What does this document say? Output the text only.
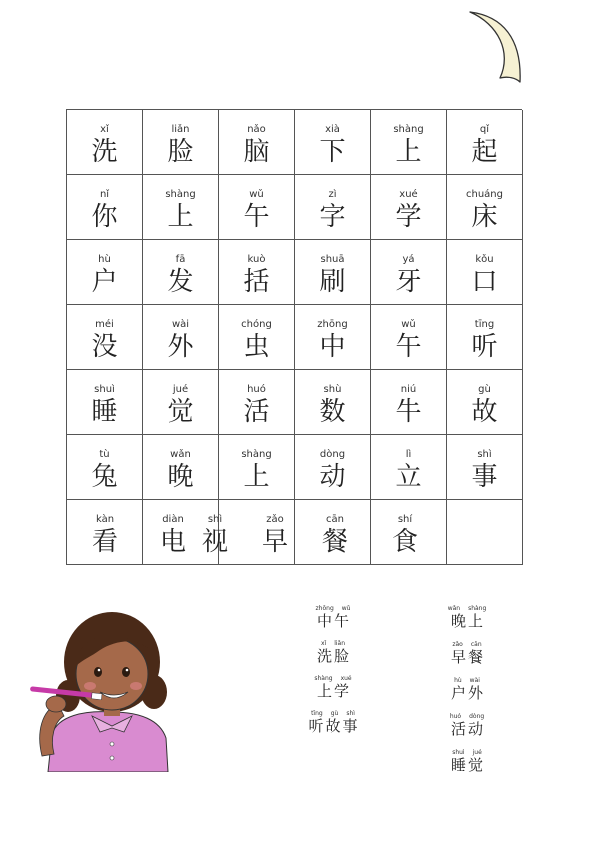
xǐ
洗
liǎn
脸
nǎo
脑
xià
下
shàng
上
qǐ
起
nǐ
你
shàng
上
wǔ
午
zì
字
xué
学
chuáng
床
hù
户
fā
发
kuò
括
shuā
刷
yá
牙
kǒu
口
méi
没
wài
外
chóng
虫
zhōng
中
wǔ
午
tīng
听
shuì
睡
jué
觉
huó
活
shù
数
niú
牛
gù
故
tù
兔
wǎn
晚
shàng
上
dòng
动
lì
立
shì
事
kàn
看
diàn
电
shì
视
zǎo
早
cān
餐
shí
食
zhōng wǔ
中 午
xǐ liǎn
洗 脸
shàng xué
上 学
tīng gù shì
听 故 事
wǎn shàng
晚 上
zǎo cān
早 餐
hù wài
户 外
huó dòng
活 动
shuì jué
睡 觉
